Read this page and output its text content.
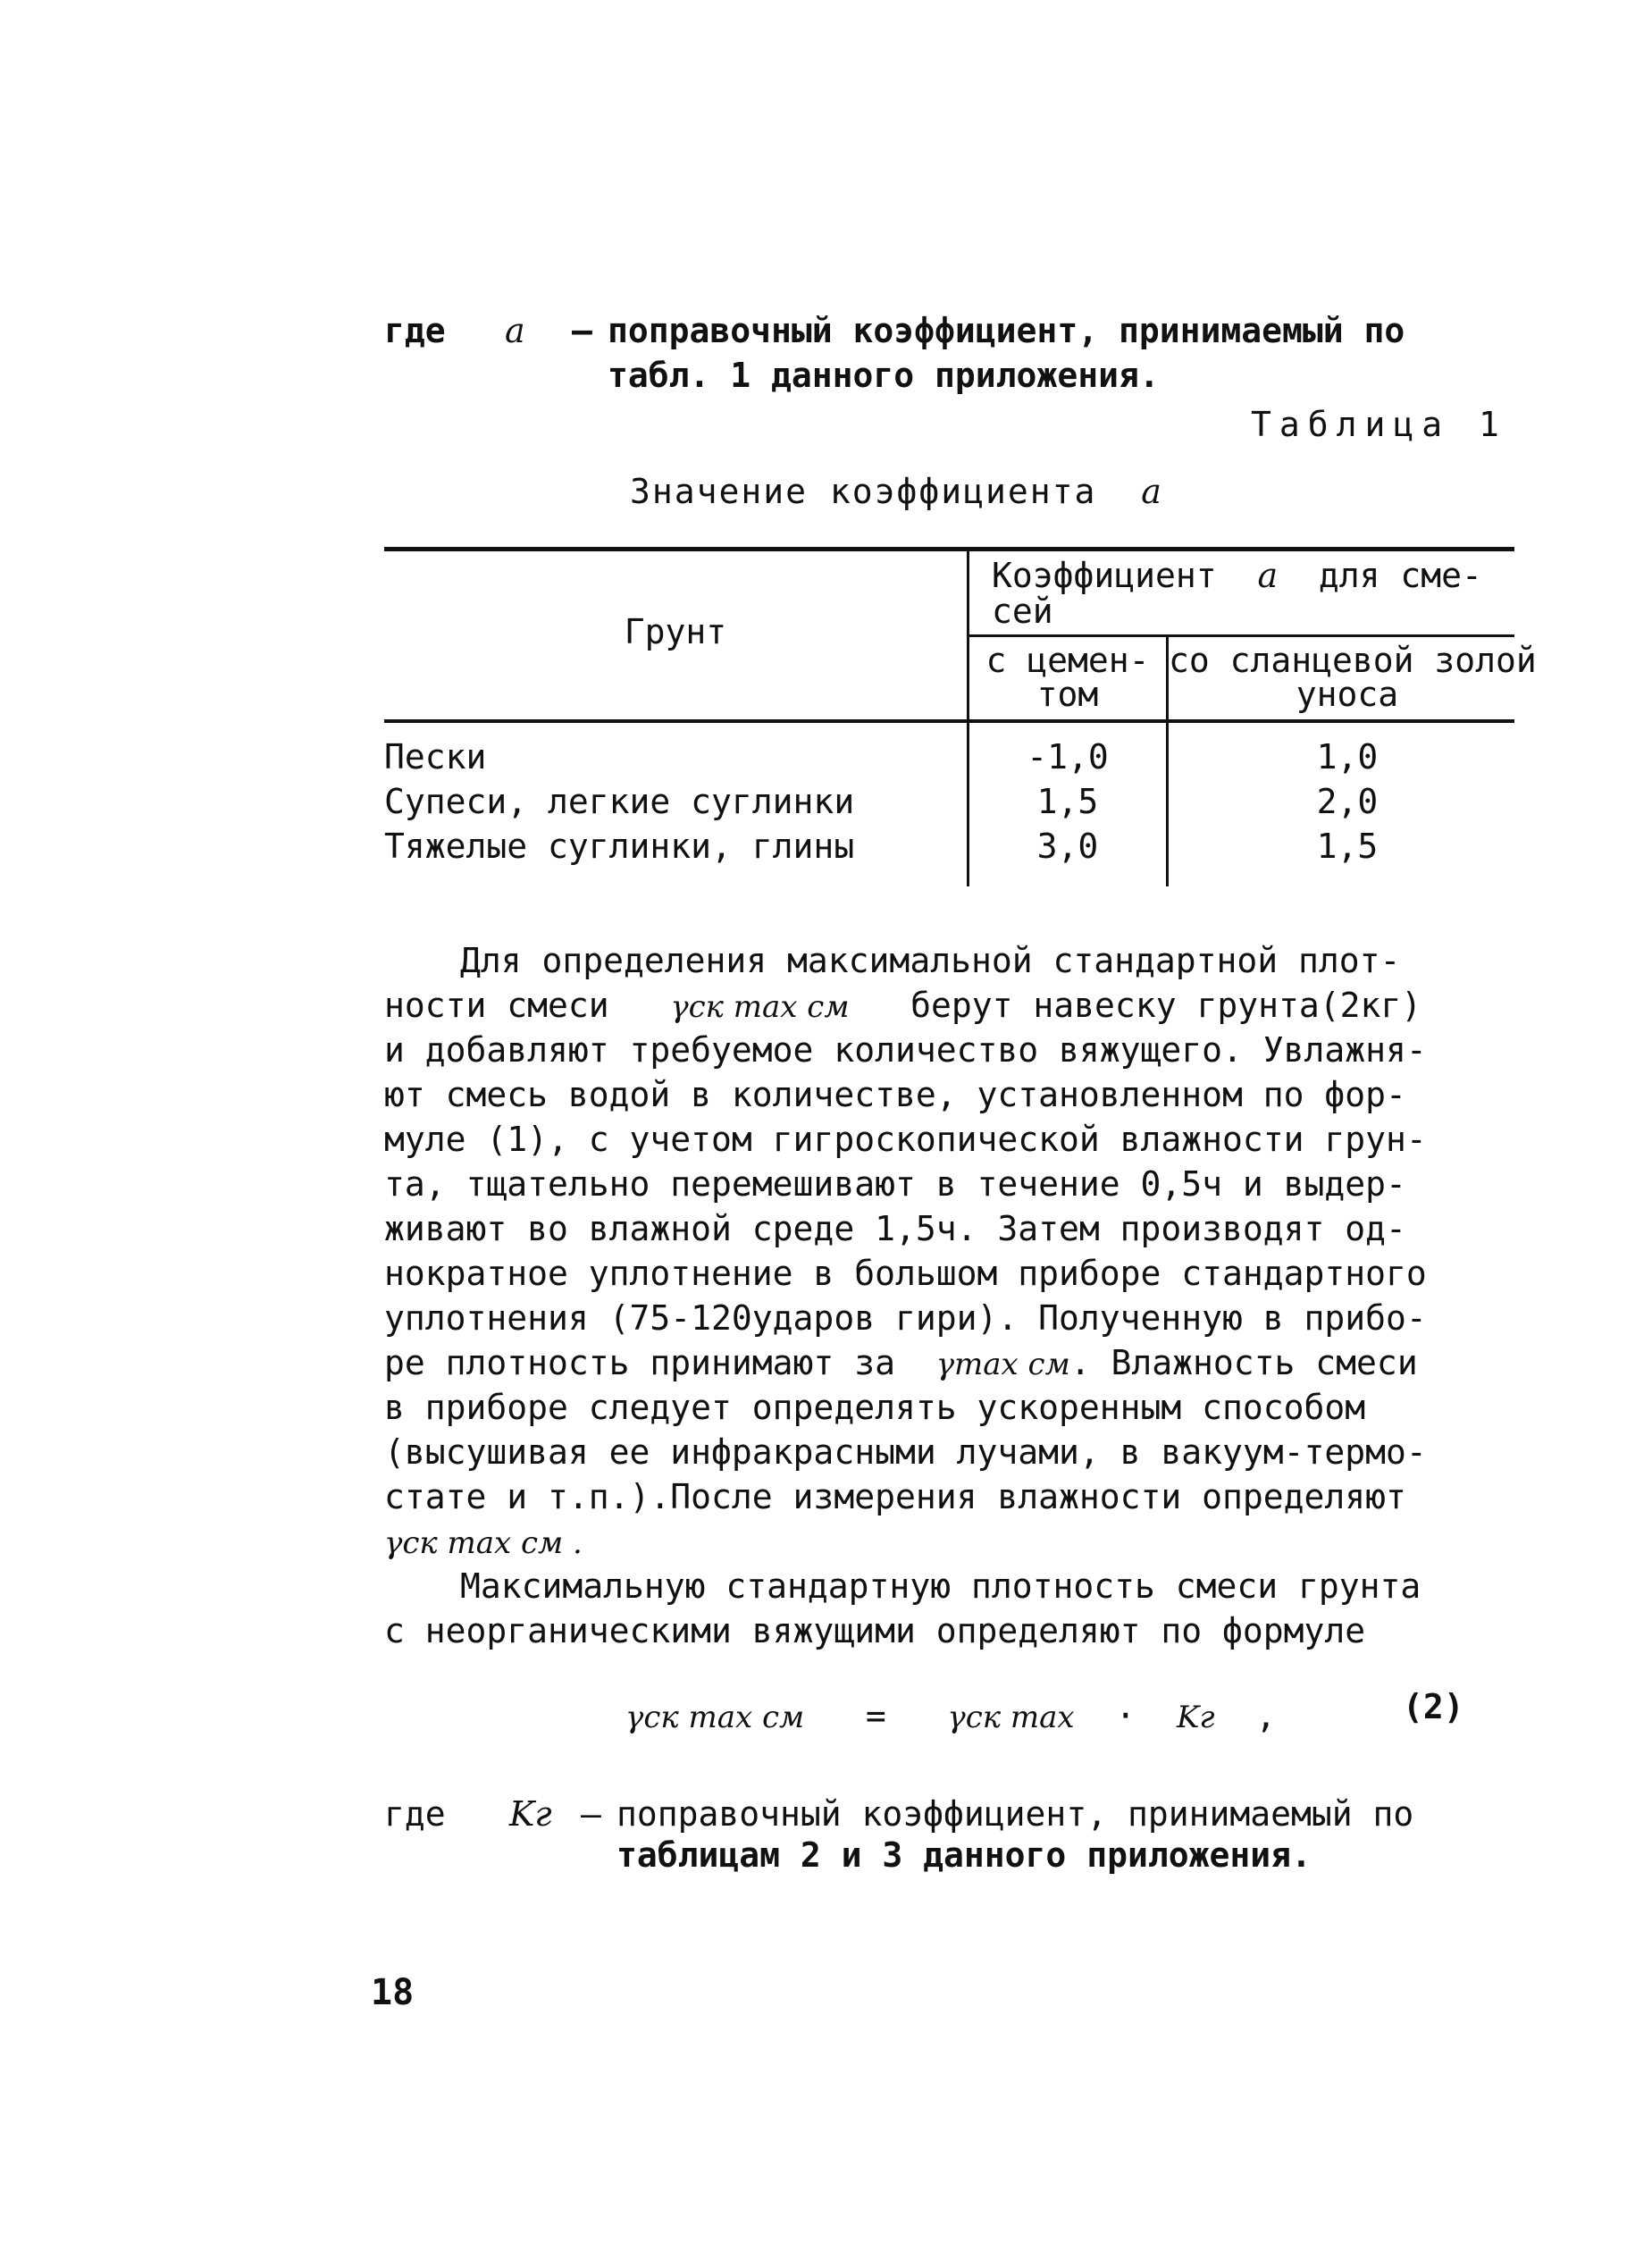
где a – поправочный коэффициент, принимаемый по
табл. 1 данного приложения.
Таблица 1
Значение коэффициента a
Грунт
Коэффициент a для сме-
сей
с цемен-
том
со сланцевой золой
уноса
Пески	-1,0	1,0
Супеси, легкие суглинки	1,5	2,0
Тяжелые суглинки, глины	3,0	1,5
Для определения максимальной стандартной плот-
ности смеси γск max см берут навеску грунта(2кг)
и добавляют требуемое количество вяжущего. Увлажня-
ют смесь водой в количестве, установленном по фор-
муле (1), с учетом гигроскопической влажности грун-
та, тщательно перемешивают в течение 0,5ч и выдер-
живают во влажной среде 1,5ч. Затем производят од-
нократное уплотнение в большом приборе стандартного
уплотнения (75-120ударов гири). Полученную в прибо-
ре плотность принимают за γmax см. Влажность смеси
в приборе следует определять ускоренным способом
(высушивая ее инфракрасными лучами, в вакуум-термо-
стате и т.п.).После измерения влажности определяют
γск max см .
Максимальную стандартную плотность смеси грунта
с неорганическими вяжущими определяют по формуле
γск max см = γск max · Kг ,	(2)
где Kг – поправочный коэффициент, принимаемый по
таблицам 2 и 3 данного приложения.
18
